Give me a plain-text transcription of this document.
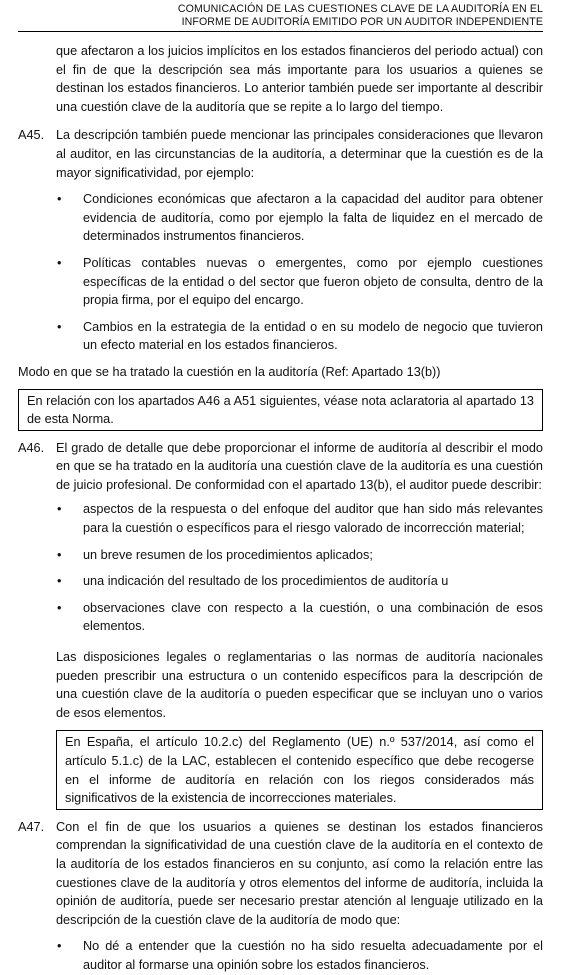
COMUNICACIÓN DE LAS CUESTIONES CLAVE DE LA AUDITORÍA EN EL
INFORME DE AUDITORÍA EMITIDO POR UN AUDITOR INDEPENDIENTE

que afectaron a los juicios implícitos en los estados financieros del periodo actual) con el fin de que la descripción sea más importante para los usuarios a quienes se destinan los estados financieros. Lo anterior también puede ser importante al describir una cuestión clave de la auditoría que se repite a lo largo del tiempo.

A45. La descripción también puede mencionar las principales consideraciones que llevaron al auditor, en las circunstancias de la auditoría, a determinar que la cuestión es de la mayor significatividad, por ejemplo:
•	Condiciones económicas que afectaron a la capacidad del auditor para obtener evidencia de auditoría, como por ejemplo la falta de liquidez en el mercado de determinados instrumentos financieros.
•	Políticas contables nuevas o emergentes, como por ejemplo cuestiones específicas de la entidad o del sector que fueron objeto de consulta, dentro de la propia firma, por el equipo del encargo.
•	Cambios en la estrategia de la entidad o en su modelo de negocio que tuvieron un efecto material en los estados financieros.

Modo en que se ha tratado la cuestión en la auditoría (Ref: Apartado 13(b))

En relación con los apartados A46 a A51 siguientes, véase nota aclaratoria al apartado 13 de esta Norma.
A46. El grado de detalle que debe proporcionar el informe de auditoría al describir el modo en que se ha tratado en la auditoría una cuestión clave de la auditoría es una cuestión de juicio profesional. De conformidad con el apartado 13(b), el auditor puede describir:
•	aspectos de la respuesta o del enfoque del auditor que han sido más relevantes para la cuestión o específicos para el riesgo valorado de incorrección material;
•	un breve resumen de los procedimientos aplicados;
•	una indicación del resultado de los procedimientos de auditoría u
•	observaciones clave con respecto a la cuestión, o una combinación de esos elementos.

Las disposiciones legales o reglamentarias o las normas de auditoría nacionales pueden prescribir una estructura o un contenido específicos para la descripción de una cuestión clave de la auditoría o pueden especificar que se incluyan uno o varios de esos elementos.

En España, el artículo 10.2.c) del Reglamento (UE) n.º 537/2014, así como el artículo 5.1.c) de la LAC, establecen el contenido específico que debe recogerse en el informe de auditoría en relación con los riegos considerados más significativos de la existencia de incorrecciones materiales.
A47. Con el fin de que los usuarios a quienes se destinan los estados financieros comprendan la significatividad de una cuestión clave de la auditoría en el contexto de la auditoría de los estados financieros en su conjunto, así como la relación entre las cuestiones clave de la auditoría y otros elementos del informe de auditoría, incluida la opinión de auditoría, puede ser necesario prestar atención al lenguaje utilizado en la descripción de la cuestión clave de la auditoría de modo que:
•	No dé a entender que la cuestión no ha sido resuelta adecuadamente por el auditor al formarse una opinión sobre los estados financieros.
